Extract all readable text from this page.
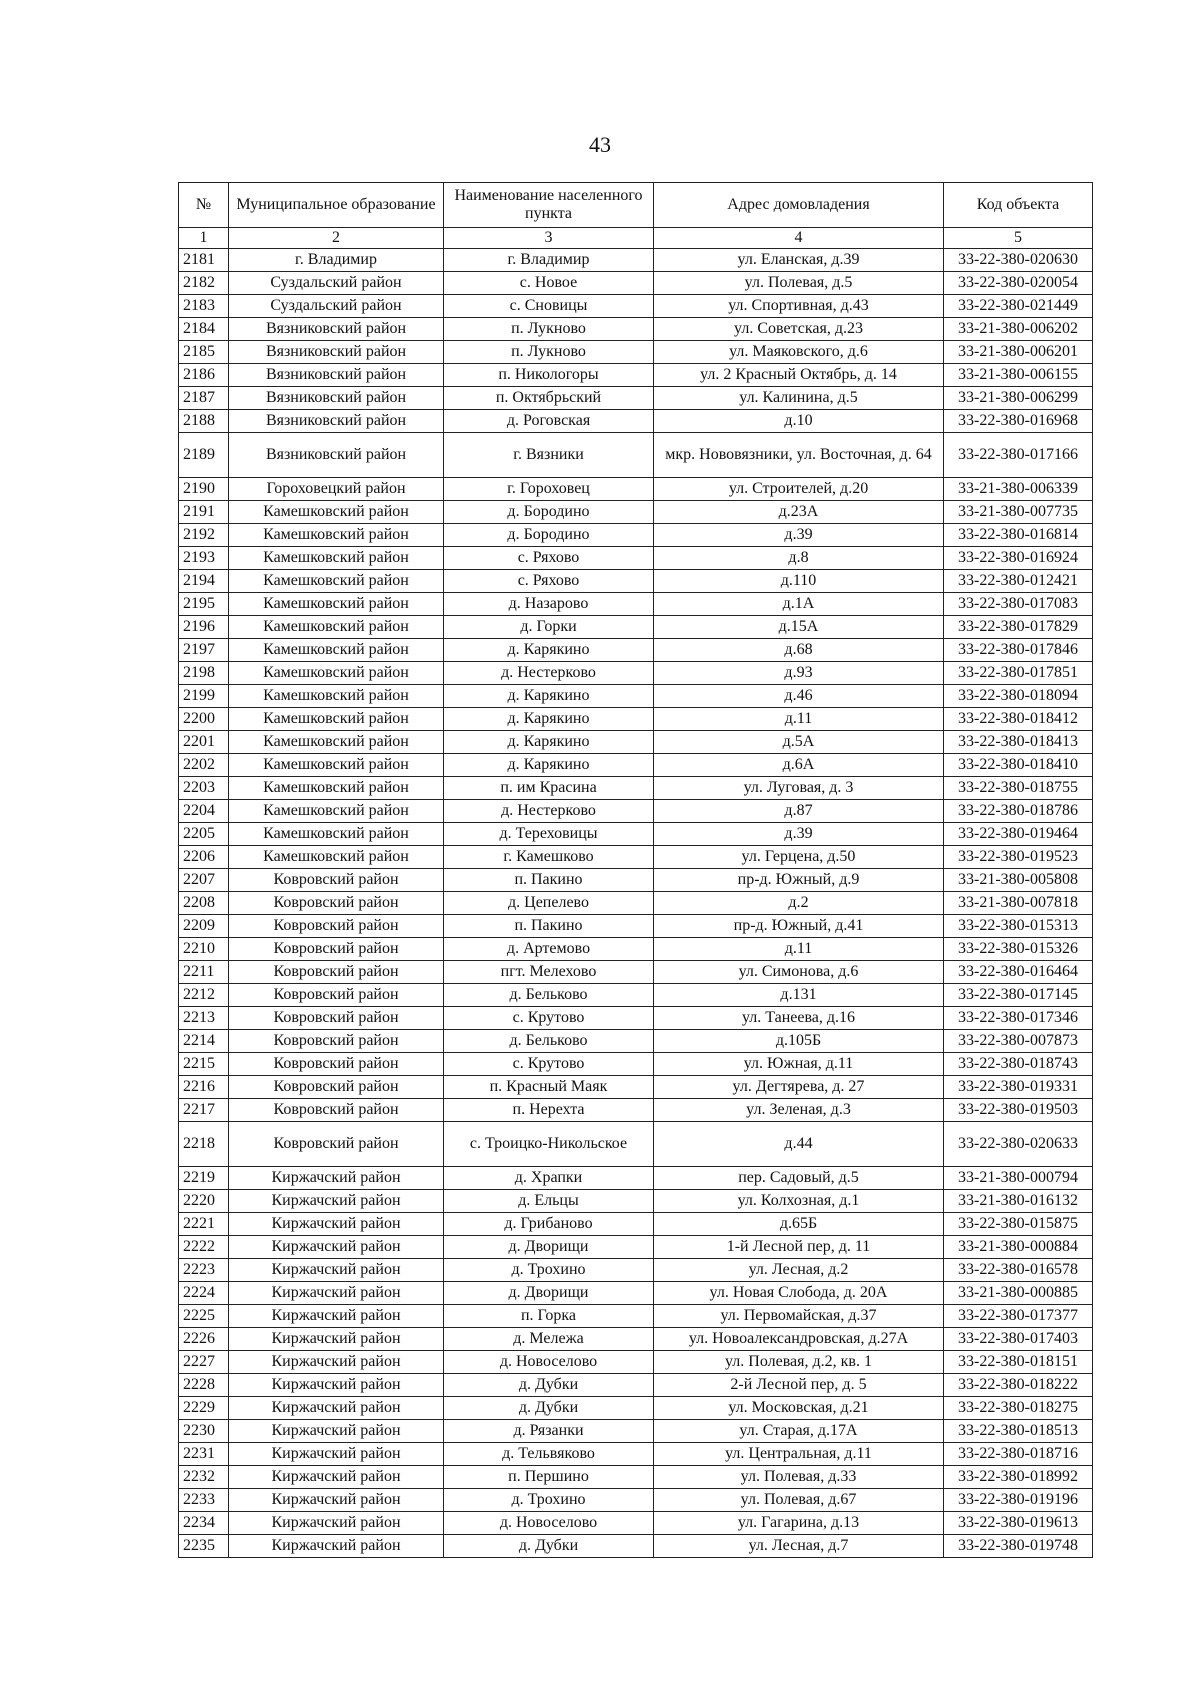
43
№	Муниципальное образование	Наименование населенного пункта	Адрес домовладения	Код объекта
1	2	3	4	5
2181	г. Владимир	г. Владимир	ул. Еланская, д.39	33-22-380-020630
2182	Суздальский район	с. Новое	ул. Полевая, д.5	33-22-380-020054
2183	Суздальский район	с. Сновицы	ул. Спортивная, д.43	33-22-380-021449
2184	Вязниковский район	п. Лукново	ул. Советская, д.23	33-21-380-006202
2185	Вязниковский район	п. Лукново	ул. Маяковского, д.6	33-21-380-006201
2186	Вязниковский район	п. Никологоры	ул. 2 Красный Октябрь, д. 14	33-21-380-006155
2187	Вязниковский район	п. Октябрьский	ул. Калинина, д.5	33-21-380-006299
2188	Вязниковский район	д. Роговская	д.10	33-22-380-016968
2189	Вязниковский район	г. Вязники	мкр. Нововязники, ул. Восточная, д. 64	33-22-380-017166
2190	Гороховецкий район	г. Гороховец	ул. Строителей, д.20	33-21-380-006339
2191	Камешковский район	д. Бородино	д.23А	33-21-380-007735
2192	Камешковский район	д. Бородино	д.39	33-22-380-016814
2193	Камешковский район	с. Ряхово	д.8	33-22-380-016924
2194	Камешковский район	с. Ряхово	д.110	33-22-380-012421
2195	Камешковский район	д. Назарово	д.1А	33-22-380-017083
2196	Камешковский район	д. Горки	д.15А	33-22-380-017829
2197	Камешковский район	д. Карякино	д.68	33-22-380-017846
2198	Камешковский район	д. Нестерково	д.93	33-22-380-017851
2199	Камешковский район	д. Карякино	д.46	33-22-380-018094
2200	Камешковский район	д. Карякино	д.11	33-22-380-018412
2201	Камешковский район	д. Карякино	д.5А	33-22-380-018413
2202	Камешковский район	д. Карякино	д.6А	33-22-380-018410
2203	Камешковский район	п. им Красина	ул. Луговая, д. 3	33-22-380-018755
2204	Камешковский район	д. Нестерково	д.87	33-22-380-018786
2205	Камешковский район	д. Тереховицы	д.39	33-22-380-019464
2206	Камешковский район	г. Камешково	ул. Герцена, д.50	33-22-380-019523
2207	Ковровский район	п. Пакино	пр-д. Южный, д.9	33-21-380-005808
2208	Ковровский район	д. Цепелево	д.2	33-21-380-007818
2209	Ковровский район	п. Пакино	пр-д. Южный, д.41	33-22-380-015313
2210	Ковровский район	д. Артемово	д.11	33-22-380-015326
2211	Ковровский район	пгт. Мелехово	ул. Симонова, д.6	33-22-380-016464
2212	Ковровский район	д. Бельково	д.131	33-22-380-017145
2213	Ковровский район	с. Крутово	ул. Танеева, д.16	33-22-380-017346
2214	Ковровский район	д. Бельково	д.105Б	33-22-380-007873
2215	Ковровский район	с. Крутово	ул. Южная, д.11	33-22-380-018743
2216	Ковровский район	п. Красный Маяк	ул. Дегтярева, д. 27	33-22-380-019331
2217	Ковровский район	п. Нерехта	ул. Зеленая, д.3	33-22-380-019503
2218	Ковровский район	с. Троицко-Никольское	д.44	33-22-380-020633
2219	Киржачский район	д. Храпки	пер. Садовый, д.5	33-21-380-000794
2220	Киржачский район	д. Ельцы	ул. Колхозная, д.1	33-21-380-016132
2221	Киржачский район	д. Грибаново	д.65Б	33-22-380-015875
2222	Киржачский район	д. Дворищи	1-й Лесной пер, д. 11	33-21-380-000884
2223	Киржачский район	д. Трохино	ул. Лесная, д.2	33-22-380-016578
2224	Киржачский район	д. Дворищи	ул. Новая Слобода, д. 20А	33-21-380-000885
2225	Киржачский район	п. Горка	ул. Первомайская, д.37	33-22-380-017377
2226	Киржачский район	д. Мележа	ул. Новоалександровская, д.27А	33-22-380-017403
2227	Киржачский район	д. Новоселово	ул. Полевая, д.2, кв. 1	33-22-380-018151
2228	Киржачский район	д. Дубки	2-й Лесной пер, д. 5	33-22-380-018222
2229	Киржачский район	д. Дубки	ул. Московская, д.21	33-22-380-018275
2230	Киржачский район	д. Рязанки	ул. Старая, д.17А	33-22-380-018513
2231	Киржачский район	д. Тельвяково	ул. Центральная, д.11	33-22-380-018716
2232	Киржачский район	п. Першино	ул. Полевая, д.33	33-22-380-018992
2233	Киржачский район	д. Трохино	ул. Полевая, д.67	33-22-380-019196
2234	Киржачский район	д. Новоселово	ул. Гагарина, д.13	33-22-380-019613
2235	Киржачский район	д. Дубки	ул. Лесная, д.7	33-22-380-019748
